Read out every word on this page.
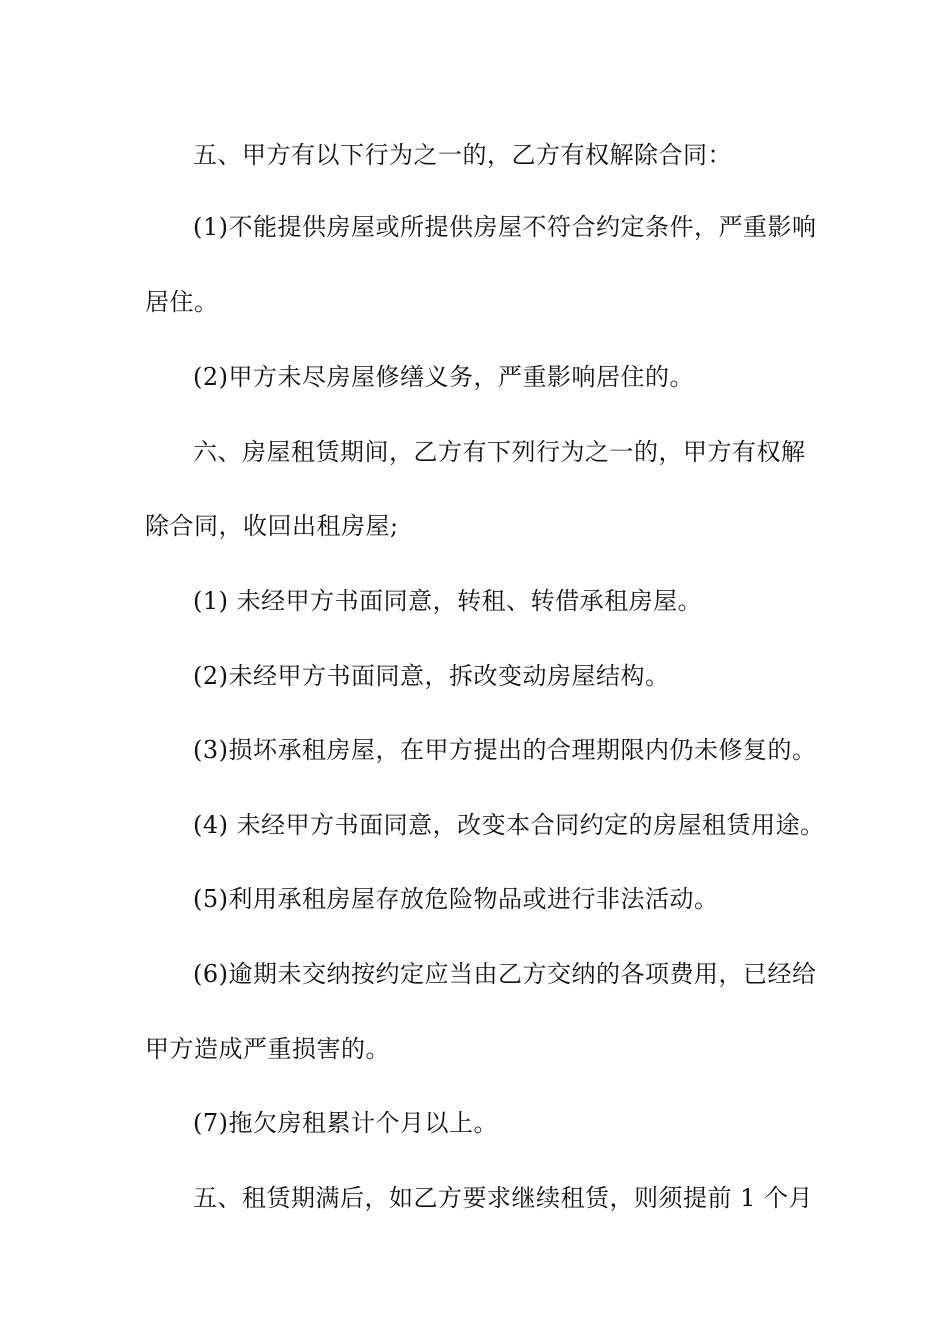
五、甲方有以下行为之一的，乙方有权解除合同：
(1)不能提供房屋或所提供房屋不符合约定条件，严重影响
居住。
(2)甲方未尽房屋修缮义务，严重影响居住的。
六、房屋租赁期间，乙方有下列行为之一的，甲方有权解
除合同，收回出租房屋;
(1) 未经甲方书面同意，转租、转借承租房屋。
(2)未经甲方书面同意，拆改变动房屋结构。
(3)损坏承租房屋，在甲方提出的合理期限内仍未修复的。
(4) 未经甲方书面同意，改变本合同约定的房屋租赁用途。
(5)利用承租房屋存放危险物品或进行非法活动。
(6)逾期未交纳按约定应当由乙方交纳的各项费用，已经给
甲方造成严重损害的。
(7)拖欠房租累计个月以上。
五、租赁期满后，如乙方要求继续租赁，则须提前 1 个月
